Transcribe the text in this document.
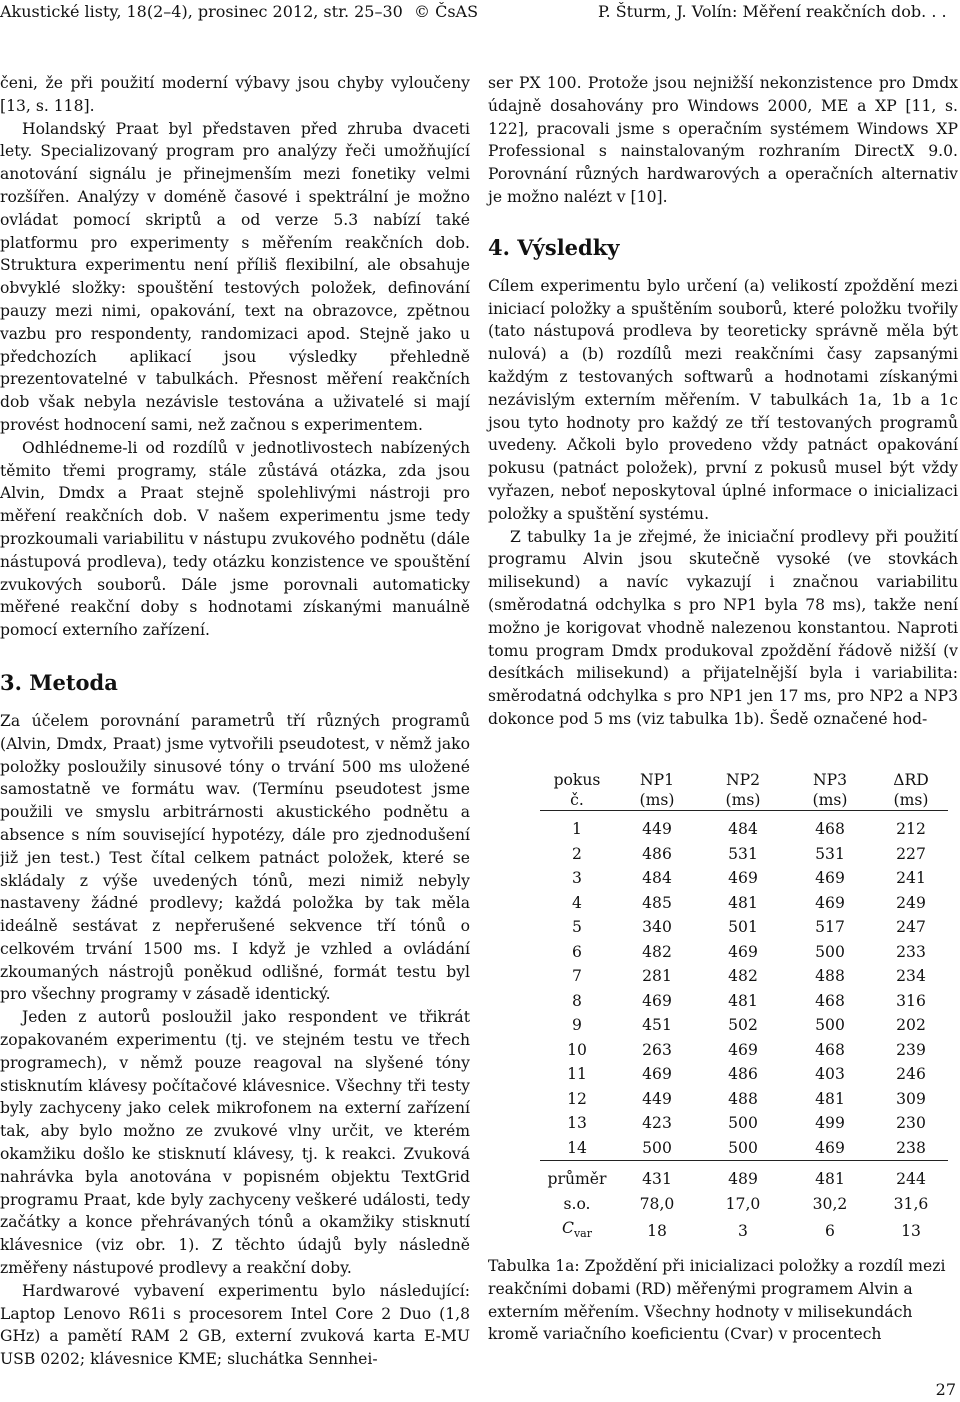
Akustické listy, 18(2–4), prosinec 2012, str. 25–30 © ČsAS	P. Šturm, J. Volín: Měření reakčních dob. . .

čeni, že při použití moderní výbavy jsou chyby vyloučeny [13, s. 118].

Holandský Praat byl představen před zhruba dvaceti lety. Specializovaný program pro analýzy řeči umožňující anotování signálu je přinejmenším mezi fonetiky velmi rozšířen. Analýzy v doméně časové i spektrální je možno ovládat pomocí skriptů a od verze 5.3 nabízí také platformu pro experimenty s měřením reakčních dob. Struktura experimentu není příliš flexibilní, ale obsahuje obvyklé složky: spouštění testových položek, definování pauzy mezi nimi, opakování, text na obrazovce, zpětnou vazbu pro respondenty, randomizaci apod. Stejně jako u předchozích aplikací jsou výsledky přehledně prezentovatelné v tabulkách. Přesnost měření reakčních dob však nebyla nezávisle testována a uživatelé si mají provést hodnocení sami, než začnou s experimentem.

Odhlédneme-li od rozdílů v jednotlivostech nabízených těmito třemi programy, stále zůstává otázka, zda jsou Alvin, Dmdx a Praat stejně spolehlivými nástroji pro měření reakčních dob. V našem experimentu jsme tedy prozkoumali variabilitu v nástupu zvukového podnětu (dále nástupová prodleva), tedy otázku konzistence ve spouštění zvukových souborů. Dále jsme porovnali automaticky měřené reakční doby s hodnotami získanými manuálně pomocí externího zařízení.

3. Metoda

Za účelem porovnání parametrů tří různých programů (Alvin, Dmdx, Praat) jsme vytvořili pseudotest, v němž jako položky posloužily sinusové tóny o trvání 500 ms uložené samostatně ve formátu wav. (Termínu pseudotest jsme použili ve smyslu arbitrárnosti akustického podnětu a absence s ním související hypotézy, dále pro zjednodušení již jen test.) Test čítal celkem patnáct položek, které se skládaly z výše uvedených tónů, mezi nimiž nebyly nastaveny žádné prodlevy; každá položka by tak měla ideálně sestávat z nepřerušené sekvence tří tónů o celkovém trvání 1500 ms. I když je vzhled a ovládání zkoumaných nástrojů poněkud odlišné, formát testu byl pro všechny programy v zásadě identický.

Jeden z autorů posloužil jako respondent ve třikrát zopakovaném experimentu (tj. ve stejném testu ve třech programech), v němž pouze reagoval na slyšené tóny stisknutím klávesy počítačové klávesnice. Všechny tři testy byly zachyceny jako celek mikrofonem na externí zařízení tak, aby bylo možno ze zvukové vlny určit, ve kterém okamžiku došlo ke stisknutí klávesy, tj. k reakci. Zvuková nahrávka byla anotována v popisném objektu TextGrid programu Praat, kde byly zachyceny veškeré události, tedy začátky a konce přehrávaných tónů a okamžiky stisknutí klávesnice (viz obr. 1). Z těchto údajů byly následně změřeny nástupové prodlevy a reakční doby.

Hardwarové vybavení experimentu bylo následující: Laptop Lenovo R61i s procesorem Intel Core 2 Duo (1,8 GHz) a pamětí RAM 2 GB, externí zvuková karta E-MU USB 0202; klávesnice KME; sluchátka Sennhei-

ser PX 100. Protože jsou nejnižší nekonzistence pro Dmdx údajně dosahovány pro Windows 2000, ME a XP [11, s. 122], pracovali jsme s operačním systémem Windows XP Professional s nainstalovaným rozhraním DirectX 9.0. Porovnání různých hardwarových a operačních alternativ je možno nalézt v [10].

4. Výsledky

Cílem experimentu bylo určení (a) velikostí zpoždění mezi iniciací položky a spuštěním souborů, které položku tvořily (tato nástupová prodleva by teoreticky správně měla být nulová) a (b) rozdílů mezi reakčními časy zapsanými každým z testovaných softwarů a hodnotami získanými nezávislým externím měřením. V tabulkách 1a, 1b a 1c jsou tyto hodnoty pro každý ze tří testovaných programů uvedeny. Ačkoli bylo provedeno vždy patnáct opakování pokusu (patnáct položek), první z pokusů musel být vždy vyřazen, neboť neposkytoval úplné informace o inicializaci položky a spuštění systému.

Z tabulky 1a je zřejmé, že iniciační prodlevy při použití programu Alvin jsou skutečně vysoké (ve stovkách milisekund) a navíc vykazují i značnou variabilitu (směrodatná odchylka s pro NP1 byla 78 ms), takže není možno je korigovat vhodně nalezenou konstantou. Naproti tomu program Dmdx produkoval zpoždění řádově nižší (v desítkách milisekund) a přijatelnější byla i variabilita: směrodatná odchylka s pro NP1 jen 17 ms, pro NP2 a NP3 dokonce pod 5 ms (viz tabulka 1b). Šedě označené hod-

pokus	NP1	NP2	NP3	ΔRD
č.	(ms)	(ms)	(ms)	(ms)

1	449	484	468	212
2	486	531	531	227
3	484	469	469	241
4	485	481	469	249
5	340	501	517	247
6	482	469	500	233
7	281	482	488	234
8	469	481	468	316
9	451	502	500	202
10	263	469	468	239
11	469	486	403	246
12	449	488	481	309
13	423	500	499	230
14	500	500	469	238

průměr	431	489	481	244
s.o.	78,0	17,0	30,2	31,6
$C_{var}$	18	3	6	13
Tabulka 1a: Zpoždění při inicializaci položky a rozdíl mezi reakčními dobami (RD) měřenými programem Alvin a externím měřením. Všechny hodnoty v milisekundách kromě variačního koeficientu (Cvar) v procentech
27
